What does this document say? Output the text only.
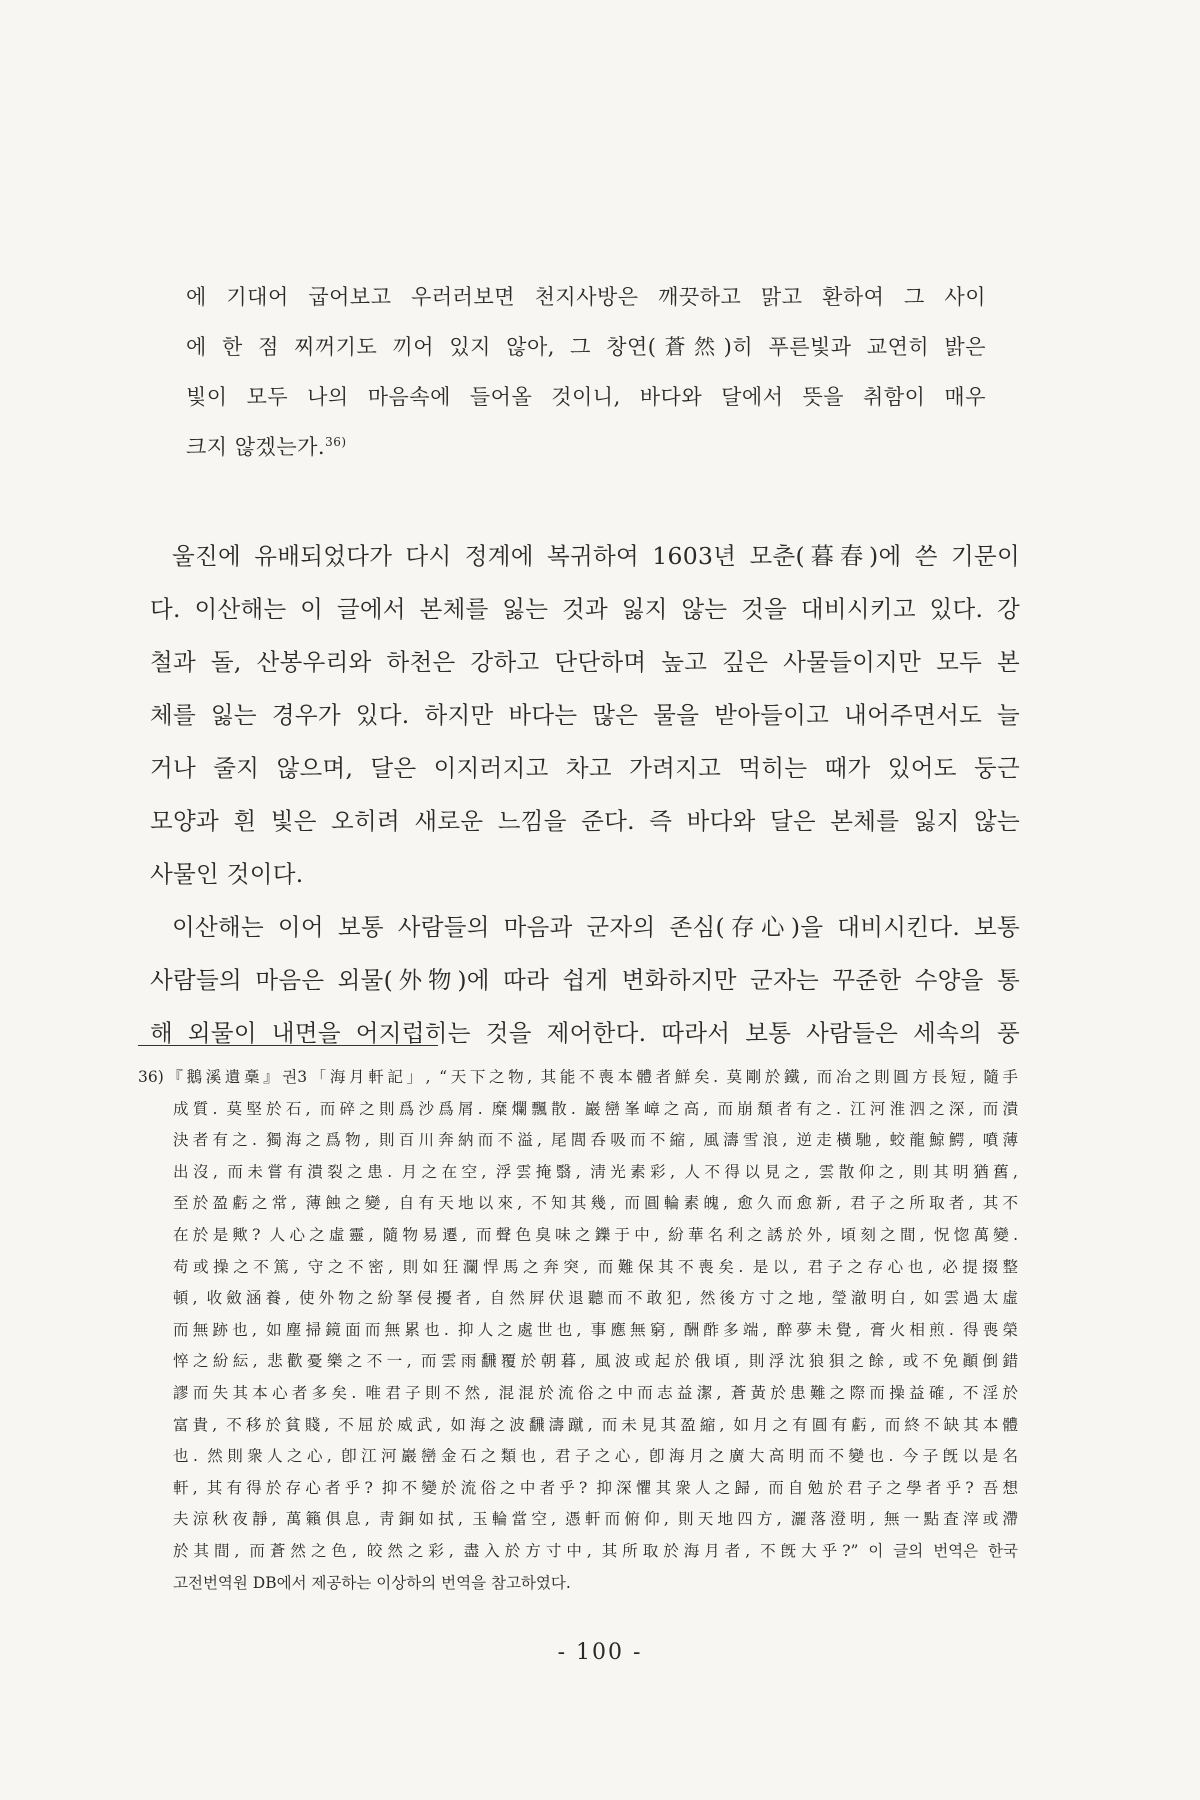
에 기대어 굽어보고 우러러보면 천지사방은 깨끗하고 맑고 환하여 그 사이
에 한 점 찌꺼기도 끼어 있지 않아, 그 창연(蒼然)히 푸른빛과 교연히 밝은
빛이 모두 나의 마음속에 들어올 것이니, 바다와 달에서 뜻을 취함이 매우
크지 않겠는가.$^{36)}$
울진에 유배되었다가 다시 정계에 복귀하여 1603년 모춘(暮春)에 쓴 기문이
다. 이산해는 이 글에서 본체를 잃는 것과 잃지 않는 것을 대비시키고 있다. 강
철과 돌, 산봉우리와 하천은 강하고 단단하며 높고 깊은 사물들이지만 모두 본
체를 잃는 경우가 있다. 하지만 바다는 많은 물을 받아들이고 내어주면서도 늘
거나 줄지 않으며, 달은 이지러지고 차고 가려지고 먹히는 때가 있어도 둥근
모양과 흰 빛은 오히려 새로운 느낌을 준다. 즉 바다와 달은 본체를 잃지 않는
사물인 것이다.
이산해는 이어 보통 사람들의 마음과 군자의 존심(存心)을 대비시킨다. 보통
사람들의 마음은 외물(外物)에 따라 쉽게 변화하지만 군자는 꾸준한 수양을 통
해 외물이 내면을 어지럽히는 것을 제어한다. 따라서 보통 사람들은 세속의 풍
36)『鵝溪遺稾』권3「海月軒記」, “天下之物, 其能不喪本體者鮮矣. 莫剛於鐵, 而冶之則圓方長短, 隨手
成質. 莫堅於石, 而碎之則爲沙爲屑. 糜爛飄散. 巖巒峯嶂之高, 而崩頹者有之. 江河淮泗之深, 而潰
決者有之. 獨海之爲物, 則百川奔納而不溢, 尾閭呑吸而不縮, 風濤雪浪, 逆走橫馳, 蛟龍鯨鰐, 噴薄
出沒, 而未嘗有潰裂之患. 月之在空, 浮雲掩翳, 淸光素彩, 人不得以見之, 雲散仰之, 則其明猶舊,
至於盈虧之常, 薄蝕之變, 自有天地以來, 不知其幾, 而圓輪素魄, 愈久而愈新, 君子之所取者, 其不
在於是歟? 人心之虛靈, 隨物易遷, 而聲色臭味之鑠于中, 紛華名利之誘於外, 頃刻之間, 怳惚萬變.
苟或操之不篤, 守之不密, 則如狂瀾悍馬之奔突, 而難保其不喪矣. 是以, 君子之存心也, 必提掇整
頓, 收斂涵養, 使外物之紛拏侵擾者, 自然屛伏退聽而不敢犯, 然後方寸之地, 瑩澈明白, 如雲過太虛
而無跡也, 如塵掃鏡面而無累也. 抑人之處世也, 事應無窮, 酬酢多端, 醉夢未覺, 膏火相煎. 得喪榮
悴之紛紜, 悲歡憂樂之不一, 而雲雨飜覆於朝暮, 風波或起於俄頃, 則浮沈狼狽之餘, 或不免顚倒錯
謬而失其本心者多矣. 唯君子則不然, 混混於流俗之中而志益潔, 蒼黃於患難之際而操益確, 不淫於
富貴, 不移於貧賤, 不屈於威武, 如海之波飜濤蹴, 而未見其盈縮, 如月之有圓有虧, 而終不缺其本體
也. 然則衆人之心, 卽江河巖巒金石之類也, 君子之心, 卽海月之廣大高明而不變也. 今子旣以是名
軒, 其有得於存心者乎? 抑不變於流俗之中者乎? 抑深懼其衆人之歸, 而自勉於君子之學者乎? 吾想
夫涼秋夜靜, 萬籟俱息, 靑銅如拭, 玉輪當空, 憑軒而俯仰, 則天地四方, 灑落澄明, 無一點査滓或滯
於其間, 而蒼然之色, 皎然之彩, 盡入於方寸中, 其所取於海月者, 不旣大乎?” 이 글의 번역은 한국
고전번역원 DB에서 제공하는 이상하의 번역을 참고하였다.
- 100 -
